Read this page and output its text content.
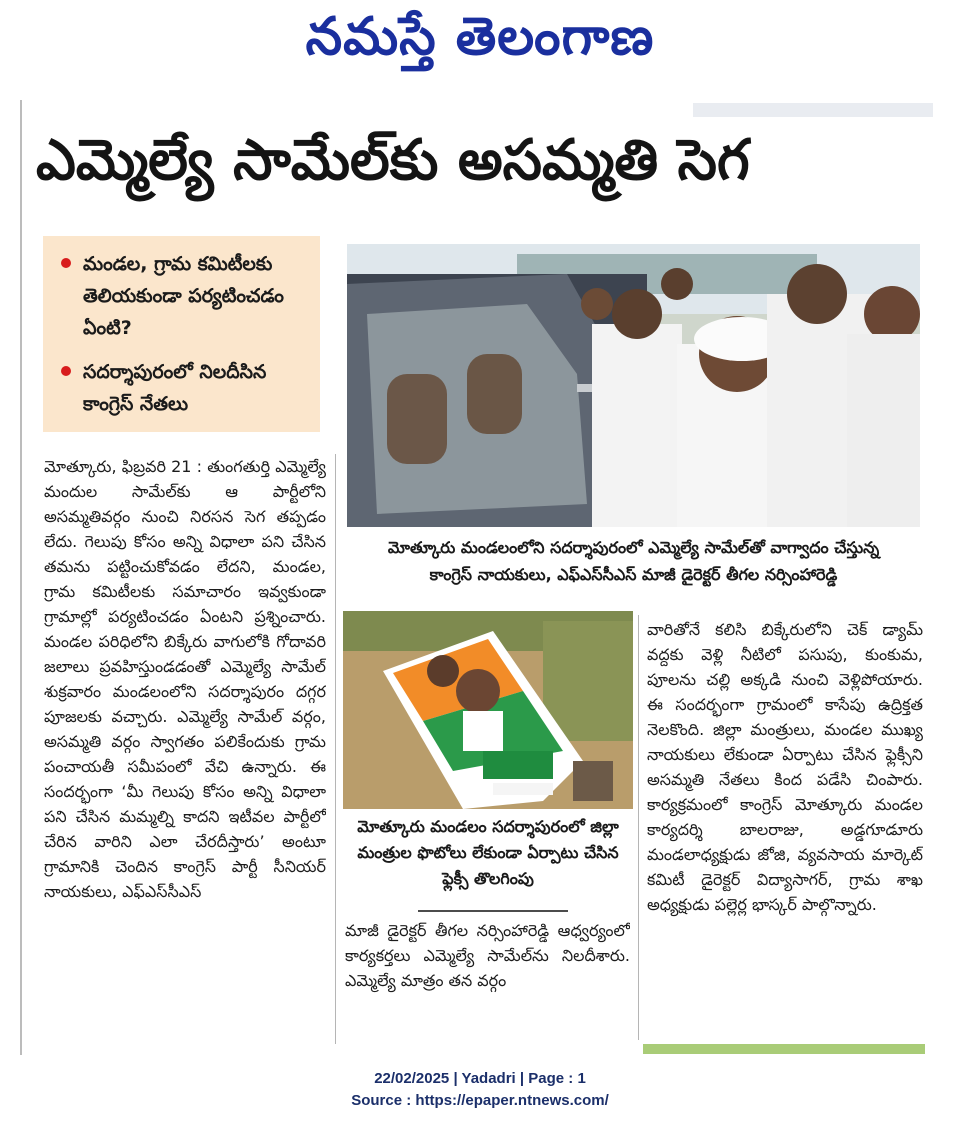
నమస్తే తెలంగాణ
ఎమ్మెల్యే సామేల్‌కు అసమ్మతి సెగ
మండల, గ్రామ కమిటీలకు తెలియకుండా పర్యటించడం ఏంటి?
సదర్శాపురంలో నిలదీసిన కాంగ్రెస్ నేతలు
మోత్కూరు, ఫిబ్రవరి 21 : తుంగతుర్తి ఎమ్మెల్యే మందుల సామేల్‌కు ఆ పార్టీలోని అసమ్మతివర్గం నుంచి నిరసన సెగ తప్పడం లేదు. గెలుపు కోసం అన్ని విధాలా పని చేసిన తమను పట్టించుకోవడం లేదని, మండల, గ్రామ కమిటీలకు సమాచారం ఇవ్వకుండా గ్రామాల్లో పర్యటించడం ఏంటని ప్రశ్నించారు. మండల పరిధిలోని బిక్కేరు వాగులోకి గోదావరి జలాలు ప్రవహిస్తుండడంతో ఎమ్మెల్యే సామేల్ శుక్రవారం మండలంలోని సదర్శాపురం దగ్గర పూజలకు వచ్చారు. ఎమ్మెల్యే సామేల్ వర్గం, అసమ్మతి వర్గం స్వాగతం పలికేందుకు గ్రామ పంచాయతీ సమీపంలో వేచి ఉన్నారు. ఈ సందర్భంగా ‘మీ గెలుపు కోసం అన్ని విధాలా పని చేసిన మమ్మల్ని కాదని ఇటీవల పార్టీలో చేరిన వారిని ఎలా చేరదీస్తారు’ అంటూ గ్రామానికి చెందిన కాంగ్రెస్ పార్టీ సీనియర్ నాయకులు, ఎఫ్ఎస్‌సీఎస్
మోత్కూరు మండలంలోని సదర్శాపురంలో ఎమ్మెల్యే సామేల్‌తో వాగ్వాదం చేస్తున్న
కాంగ్రెస్ నాయకులు, ఎఫ్ఎస్‌సీఎస్ మాజీ డైరెక్టర్ తీగల నర్సింహారెడ్డి
మోత్కూరు మండలం సదర్శాపురంలో జిల్లా మంత్రుల ఫొటోలు లేకుండా ఏర్పాటు చేసిన ఫ్లెక్సీ తొలగింపు
మాజీ డైరెక్టర్ తీగల నర్సింహారెడ్డి ఆధ్వర్యంలో కార్యకర్తలు ఎమ్మెల్యే సామేల్‌ను నిలదీశారు. ఎమ్మెల్యే మాత్రం తన వర్గం
వారితోనే కలిసి బిక్కేరులోని చెక్ డ్యామ్ వద్దకు వెళ్లి నీటిలో పసుపు, కుంకుమ, పూలను చల్లి అక్కడి నుంచి వెళ్లిపోయారు. ఈ సందర్భంగా గ్రామంలో కాసేపు ఉద్రిక్తత నెలకొంది. జిల్లా మంత్రులు, మండల ముఖ్య నాయకులు లేకుండా ఏర్పాటు చేసిన ఫ్లెక్సీని అసమ్మతి నేతలు కింద పడేసి చింపారు. కార్యక్రమంలో కాంగ్రెస్ మోత్కూరు మండల కార్యదర్శి బాలరాజు, అడ్డగూడూరు మండలాధ్యక్షుడు జోజి, వ్యవసాయ మార్కెట్ కమిటీ డైరెక్టర్ విద్యాసాగర్, గ్రామ శాఖ అధ్యక్షుడు పల్లెర్ల భాస్కర్ పాల్గొన్నారు.
22/02/2025 | Yadadri | Page : 1
Source : https://epaper.ntnews.com/
